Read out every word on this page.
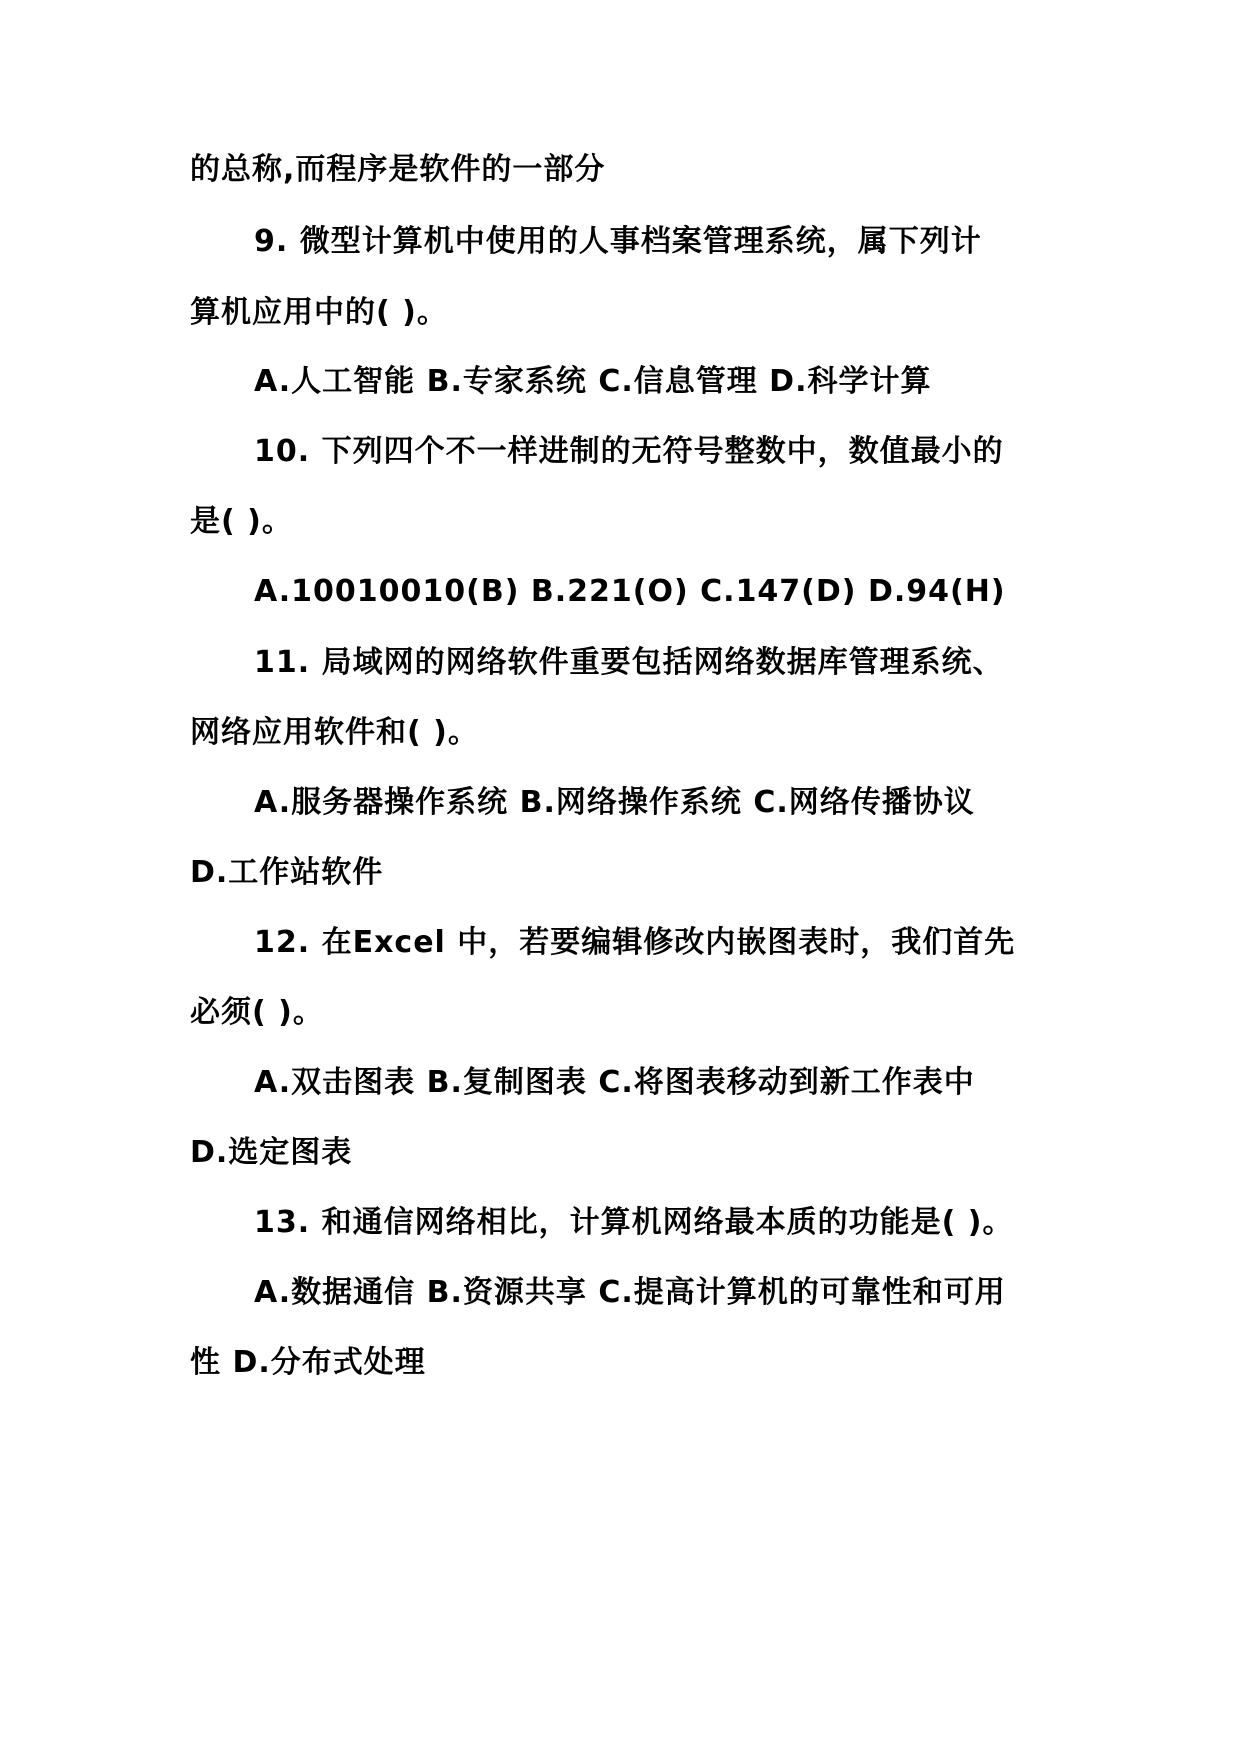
的总称,而程序是软件的一部分
9. 微型计算机中使用的人事档案管理系统，属下列计
算机应用中的( )。
A.人工智能 B.专家系统 C.信息管理 D.科学计算
10. 下列四个不一样进制的无符号整数中，数值最小的
是( )。
A.10010010(B) B.221(O) C.147(D) D.94(H)
11. 局域网的网络软件重要包括网络数据库管理系统、
网络应用软件和( )。
A.服务器操作系统 B.网络操作系统 C.网络传播协议
D.工作站软件
12. 在Excel 中，若要编辑修改内嵌图表时，我们首先
必须( )。
A.双击图表 B.复制图表 C.将图表移动到新工作表中
D.选定图表
13. 和通信网络相比，计算机网络最本质的功能是( )。
A.数据通信 B.资源共享 C.提高计算机的可靠性和可用
性 D.分布式处理
